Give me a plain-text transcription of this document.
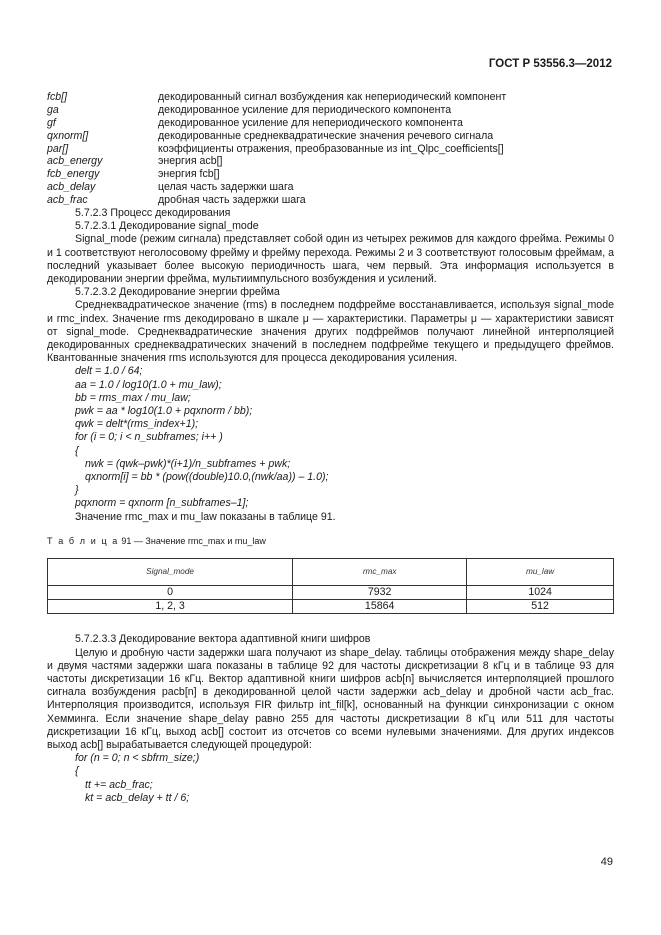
ГОСТ Р 53556.3—2012
fcb[]	декодированный сигнал возбуждения как непериодический компонент
ga	декодированное усиление для периодического компонента
gf	декодированное усиление для непериодического компонента
qxnorm[]	декодированные среднеквадратические значения речевого сигнала
par[]	коэффициенты отражения, преобразованные из int_Qlpc_coefficients[]
acb_energy	энергия acb[]
fcb_energy	энергия fcb[]
acb_delay	целая часть задержки шага
acb_frac	дробная часть задержки шага

5.7.2.3 Процесс декодирования

5.7.2.3.1 Декодирование signal_mode

Signal_mode (режим сигнала) представляет собой один из четырех режимов для каждого фрейма. Режимы 0 и 1 соответствуют неголосовому фрейму и фрейму перехода. Режимы 2 и 3 соответствуют голосовым фреймам, а последний указывает более высокую периодичность шага, чем первый. Эта информация используется в декодировании энергии фрейма, мультиимпульсного возбуждения и усилений.

5.7.2.3.2 Декодирование энергии фрейма

Среднеквадратическое значение (rms) в последнем подфрейме восстанавливается, используя signal_mode и rmc_index. Значение rms декодировано в шкале μ — характеристики. Параметры μ — характеристики зависят от signal_mode. Среднеквадратические значения других подфреймов получают линейной интерполяцией декодированных среднеквадратических значений в последнем подфрейме текущего и предыдущего фреймов. Квантованные значения rms используются для процесса декодирования усиления.

delt = 1.0 / 64;
aa = 1.0 / log10(1.0 + mu_law);
bb = rms_max / mu_law;
pwk = aa * log10(1.0 + pqxnorm / bb);
qwk = delt*(rms_index+1);
for (i = 0; i < n_subframes; i++ )
{
nwk = (qwk–pwk)*(i+1)/n_subframes + pwk;
qxnorm[i] = bb * (pow((double)10.0,(nwk/aa)) – 1.0);
}
pqxnorm = qxnorm [n_subframes–1];

Значение rmc_max и mu_law показаны в таблице 91.

Т а б л и ц а 91 — Значение rmc_max и mu_law
Signal_mode	rmc_max	mu_law
0	7932	1024
1, 2, 3	15864	512

5.7.2.3.3 Декодирование вектора адаптивной книги шифров

Целую и дробную части задержки шага получают из shape_delay. таблицы отображения между shape_delay и двумя частями задержки шага показаны в таблице 92 для частоты дискретизации 8 кГц и в таблице 93 для частоты дискретизации 16 кГц. Вектор адаптивной книги шифров acb[n] вычисляется интерполяцией прошлого сигнала возбуждения pacb[n] в декодированной целой части задержки acb_delay и дробной части acb_frac. Интерполяция производится, используя FIR фильтр int_fil[k], основанный на функции синхронизации с окном Хемминга. Если значение shape_delay равно 255 для частоты дискретизации 8 кГц или 511 для частоты дискретизации 16 кГц, выход acb[] состоит из отсчетов со всеми нулевыми значениями. Для других индексов выход acb[] вырабатывается следующей процедурой:

for (n = 0; n < sbfrm_size;)
{
tt += acb_frac;
kt = acb_delay + tt / 6;
49
